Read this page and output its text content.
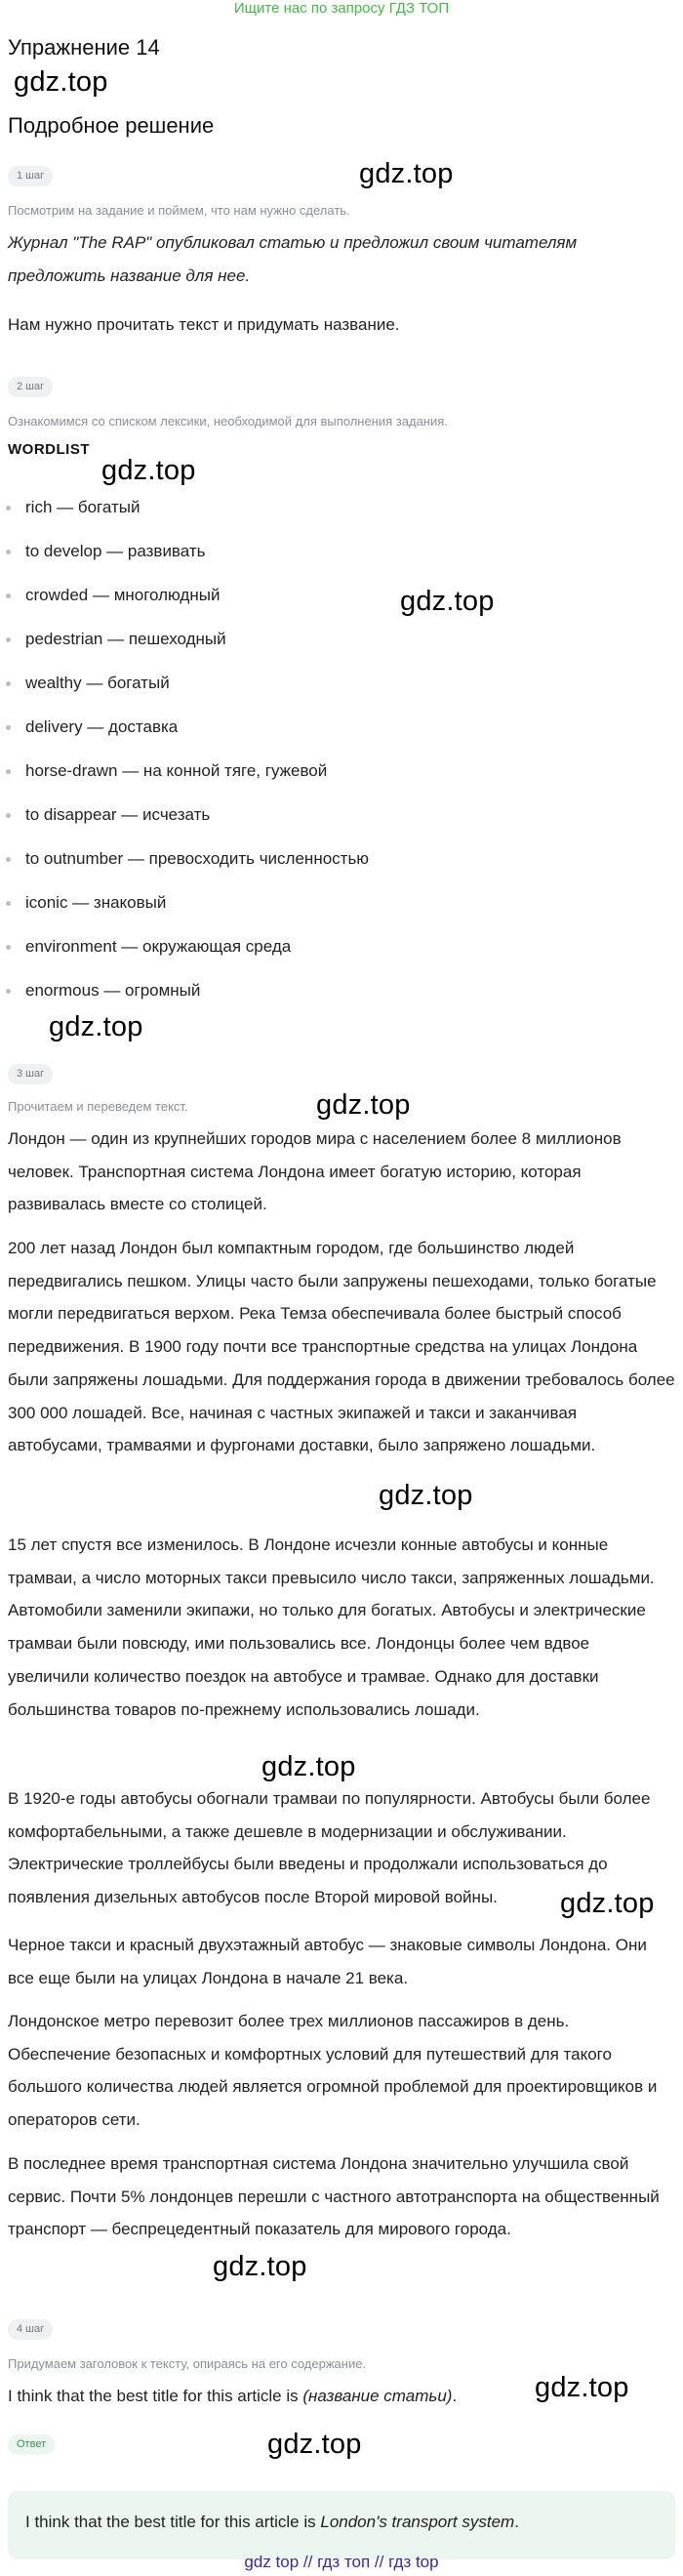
Ищите нас по запросу ГДЗ ТОП
Упражнение 14
gdz.top
Подробное решение
1 шаг	gdz.top
Посмотрим на задание и поймем, что нам нужно сделать.
Журнал "The RAP" опубликовал статью и предложил своим читателям предложить название для нее.
Нам нужно прочитать текст и придумать название.
2 шаг
Ознакомимся со списком лексики, необходимой для выполнения задания.
WORDLIST
gdz.top
rich — богатый
to develop — развивать
crowded — многолюдный	gdz.top
pedestrian — пешеходный
wealthy — богатый
delivery — доставка
horse-drawn — на конной тяге, гужевой
to disappear — исчезать
to outnumber — превосходить численностью
iconic — знаковый
environment — окружающая среда
enormous — огромный
gdz.top
3 шаг
Прочитаем и переведем текст.	gdz.top
Лондон — один из крупнейших городов мира с населением более 8 миллионов человек. Транспортная система Лондона имеет богатую историю, которая развивалась вместе со столицей.
200 лет назад Лондон был компактным городом, где большинство людей передвигались пешком. Улицы часто были запружены пешеходами, только богатые могли передвигаться верхом. Река Темза обеспечивала более быстрый способ передвижения. В 1900 году почти все транспортные средства на улицах Лондона были запряжены лошадьми. Для поддержания города в движении требовалось более 300 000 лошадей. Все, начиная с частных экипажей и такси и заканчивая автобусами, трамваями и фургонами доставки, было запряжено лошадьми.
gdz.top
15 лет спустя все изменилось. В Лондоне исчезли конные автобусы и конные трамваи, а число моторных такси превысило число такси, запряженных лошадьми. Автомобили заменили экипажи, но только для богатых. Автобусы и электрические трамваи были повсюду, ими пользовались все. Лондонцы более чем вдвое увеличили количество поездок на автобусе и трамвае. Однако для доставки большинства товаров по-прежнему использовались лошади.
gdz.top
В 1920-е годы автобусы обогнали трамваи по популярности. Автобусы были более комфортабельными, а также дешевле в модернизации и обслуживании. Электрические троллейбусы были введены и продолжали использоваться до появления дизельных автобусов после Второй мировой войны.	gdz.top
Черное такси и красный двухэтажный автобус — знаковые символы Лондона. Они все еще были на улицах Лондона в начале 21 века.
Лондонское метро перевозит более трех миллионов пассажиров в день. Обеспечение безопасных и комфортных условий для путешествий для такого большого количества людей является огромной проблемой для проектировщиков и операторов сети.
В последнее время транспортная система Лондона значительно улучшила свой сервис. Почти 5% лондонцев перешли с частного автотранспорта на общественный транспорт — беспрецедентный показатель для мирового города.
gdz.top
4 шаг
Придумаем заголовок к тексту, опираясь на его содержание.
I think that the best title for this article is (название статьи).	gdz.top
Ответ	gdz.top
I think that the best title for this article is London's transport system.
gdz top // гдз топ // гдз top
